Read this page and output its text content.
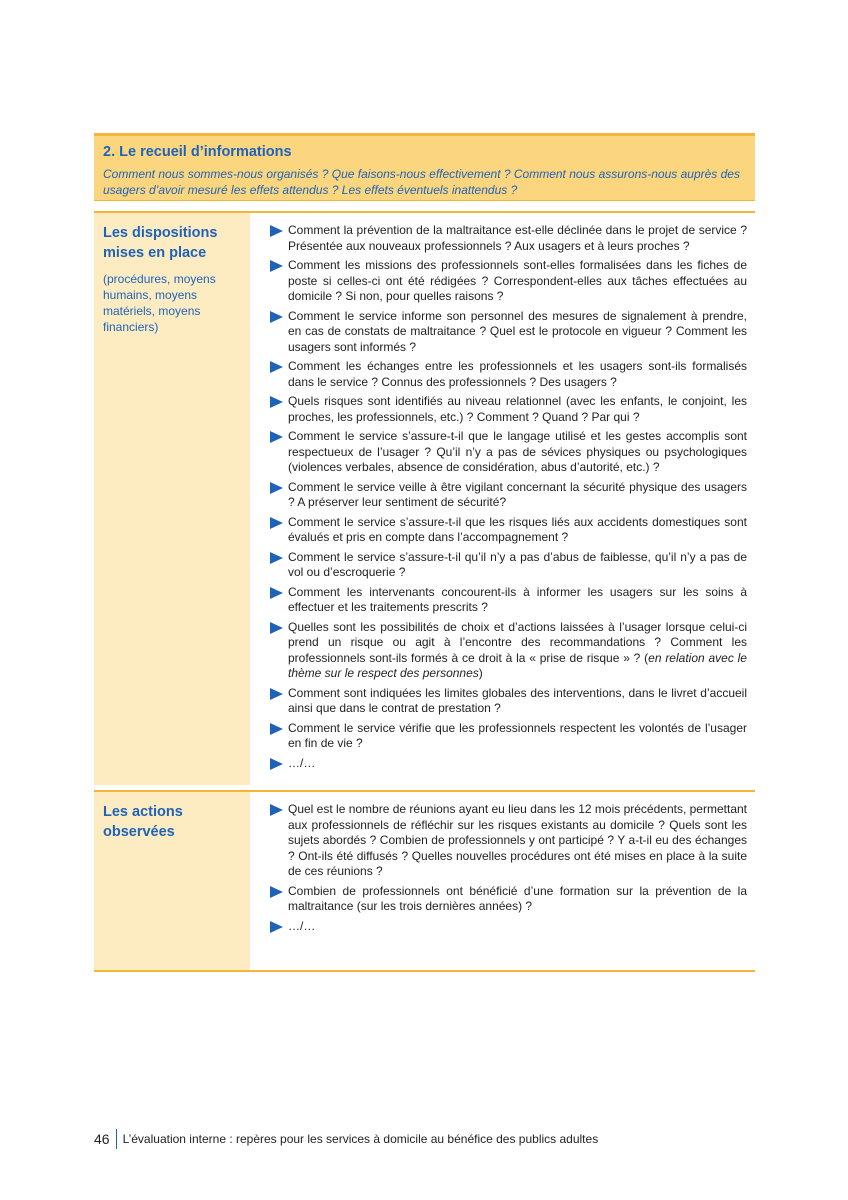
2. Le recueil d’informations
Comment nous sommes-nous organisés ? Que faisons-nous effectivement ? Comment nous assurons-nous auprès des usagers d’avoir mesuré les effets attendus ? Les effets éventuels inattendus ?
Les dispositions mises en place
(procédures, moyens humains, moyens matériels, moyens financiers)
Comment la prévention de la maltraitance est-elle déclinée dans le projet de service ? Présentée aux nouveaux professionnels ? Aux usagers et à leurs proches ?
Comment les missions des professionnels sont-elles formalisées dans les fiches de poste si celles-ci ont été rédigées ? Correspondent-elles aux tâches effectuées au domicile ? Si non, pour quelles raisons ?
Comment le service informe son personnel des mesures de signalement à prendre, en cas de constats de maltraitance ? Quel est le protocole en vigueur ? Comment les usagers sont informés ?
Comment les échanges entre les professionnels et les usagers sont-ils formalisés dans le service ? Connus des professionnels ? Des usagers ?
Quels risques sont identifiés au niveau relationnel (avec les enfants, le conjoint, les proches, les professionnels, etc.) ? Comment ? Quand ? Par qui ?
Comment le service s’assure-t-il que le langage utilisé et les gestes accomplis sont respectueux de l’usager ? Qu’il n’y a pas de sévices physiques ou psychologiques (violences verbales, absence de considération, abus d’autorité, etc.) ?
Comment le service veille à être vigilant concernant la sécurité physique des usagers ? A préserver leur sentiment de sécurité?
Comment le service s’assure-t-il que les risques liés aux accidents domestiques sont évalués et pris en compte dans l’accompagnement ?
Comment le service s’assure-t-il qu’il n’y a pas d’abus de faiblesse, qu’il n’y a pas de vol ou d’escroquerie ?
Comment les intervenants concourent-ils à informer les usagers sur les soins à effectuer et les traitements prescrits ?
Quelles sont les possibilités de choix et d’actions laissées à l’usager lorsque celui-ci prend un risque ou agit à l’encontre des recommandations ? Comment les professionnels sont-ils formés à ce droit à la « prise de risque » ? (en relation avec le thème sur le respect des personnes)
Comment sont indiquées les limites globales des interventions, dans le livret d’accueil ainsi que dans le contrat de prestation ?
Comment le service vérifie que les professionnels respectent les volontés de l’usager en fin de vie ?
…/…
Les actions observées
Quel est le nombre de réunions ayant eu lieu dans les 12 mois précédents, permettant aux professionnels de réfléchir sur les risques existants au domicile ? Quels sont les sujets abordés ? Combien de professionnels y ont participé ? Y a-t-il eu des échanges ? Ont-ils été diffusés ? Quelles nouvelles procédures ont été mises en place à la suite de ces réunions ?
Combien de professionnels ont bénéficié d’une formation sur la prévention de la maltraitance (sur les trois dernières années) ?
…/…
46	L’évaluation interne : repères pour les services à domicile au bénéfice des publics adultes
